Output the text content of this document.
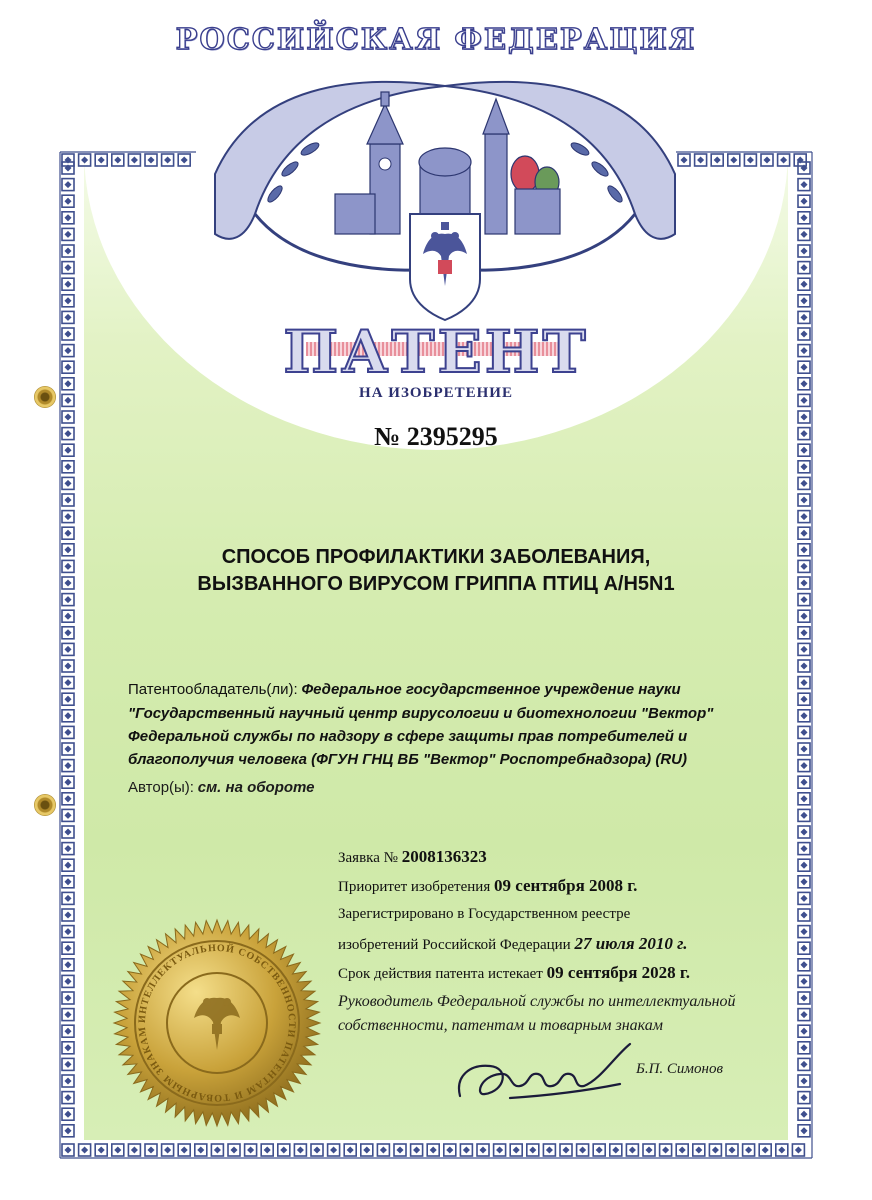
РОССИЙСКАЯ ФЕДЕРАЦИЯ
ПАТЕНТ
НА ИЗОБРЕТЕНИЕ
№ 2395295
СПОСОБ ПРОФИЛАКТИКИ ЗАБОЛЕВАНИЯ,
ВЫЗВАННОГО ВИРУСОМ ГРИППА ПТИЦ A/H5N1
Патентообладатель(ли): Федеральное государственное учреждение науки
"Государственный научный центр вирусологии и биотехнологии "Вектор"
Федеральной службы по надзору в сфере защиты прав потребителей и
благополучия человека (ФГУН ГНЦ ВБ "Вектор" Роспотребнадзора) (RU)
Автор(ы): см. на обороте
Заявка № 2008136323
Приоритет изобретения 09 сентября 2008 г.
Зарегистрировано в Государственном реестре
изобретений Российской Федерации 27 июля 2010 г.
Срок действия патента истекает 09 сентября 2028 г.
Руководитель Федеральной службы по интеллектуальной
собственности, патентам и товарным знакам
Б.П. Симонов
ИНТЕЛЛЕКТУАЛЬНОЙ СОБСТВЕННОСТИ ПАТЕНТАМ И ТОВАРНЫМ ЗНАКАМ
